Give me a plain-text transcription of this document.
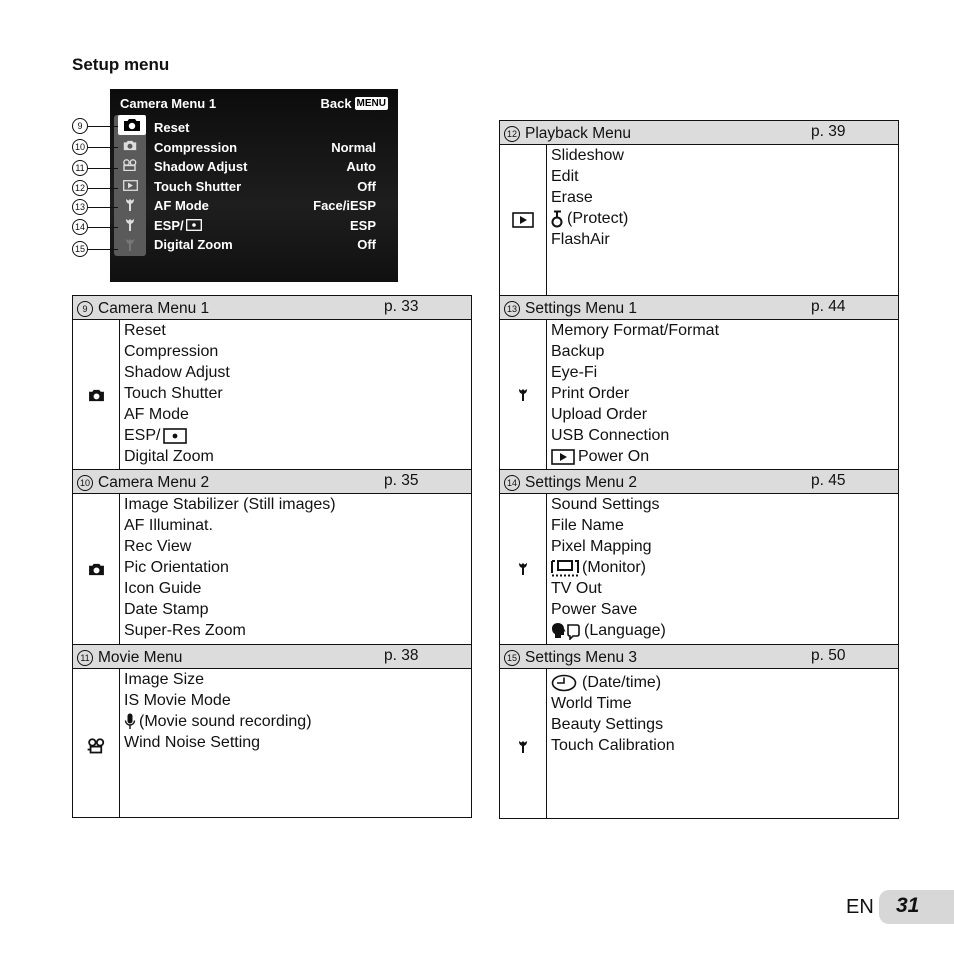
Setup menu
Camera Menu 1	Back MENU
Reset
Compression	Normal
Shadow Adjust	Auto
Touch Shutter	Off
AF Mode	Face/iESP
ESP/	ESP
Digital Zoom	Off
9
10
11
12
13
14
15
9 Camera Menu 1	p. 33
Reset
Compression
Shadow Adjust
Touch Shutter
AF Mode
ESP/
Digital Zoom
10 Camera Menu 2	p. 35
Image Stabilizer (Still images)
AF Illuminat.
Rec View
Pic Orientation
Icon Guide
Date Stamp
Super-Res Zoom
11 Movie Menu	p. 38
Image Size
IS Movie Mode
(Movie sound recording)
Wind Noise Setting
12 Playback Menu	p. 39
Slideshow
Edit
Erase
(Protect)
FlashAir
13 Settings Menu 1	p. 44
Memory Format/Format
Backup
Eye-Fi
Print Order
Upload Order
USB Connection
Power On
14 Settings Menu 2	p. 45
Sound Settings
File Name
Pixel Mapping
(Monitor)
TV Out
Power Save
(Language)
15 Settings Menu 3	p. 50
(Date/time)
World Time
Beauty Settings
Touch Calibration
EN 31
